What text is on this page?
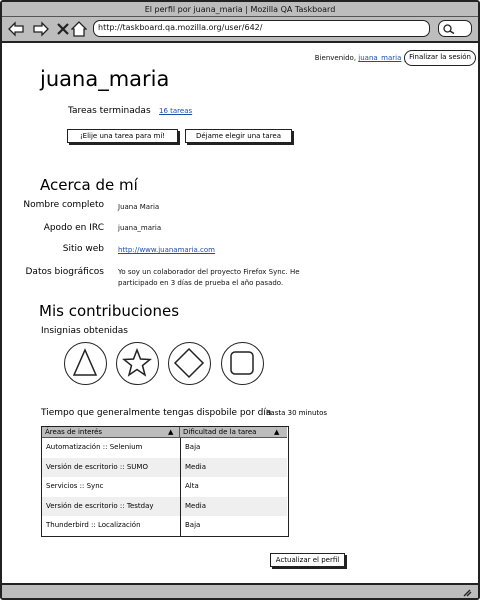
El perfil por juana_maria | Mozilla QA Taskboard
http://taskboard.qa.mozilla.org/user/642/
Bienvenido, juana_maria	Finalizar la sesión
juana_maria
Tareas terminadas 16 tareas
¡Elije una tarea para mí!	Déjame elegir una tarea
Acerca de mí
Nombre completo Juana Maria
Apodo en IRC juana_maria
Sitio web http://www.juanamaria.com
Datos biográficos Yo soy un colaborador del proyecto Firefox Sync. He participado en 3 días de prueba el año pasado.
Mis contribuciones
Insignias obtenidas
Tiempo que generalmente tengas dispobile por día
hasta 30 minutos
Áreas de interés	▲	Dificultad de la tarea	▲
Automatización :: Selenium	Baja
Versión de escritorio :: SUMO	Media
Servicios :: Sync	Alta
Versión de escritorio :: Testday	Media
Thunderbird :: Localización	Baja
Actualizar el perfil
